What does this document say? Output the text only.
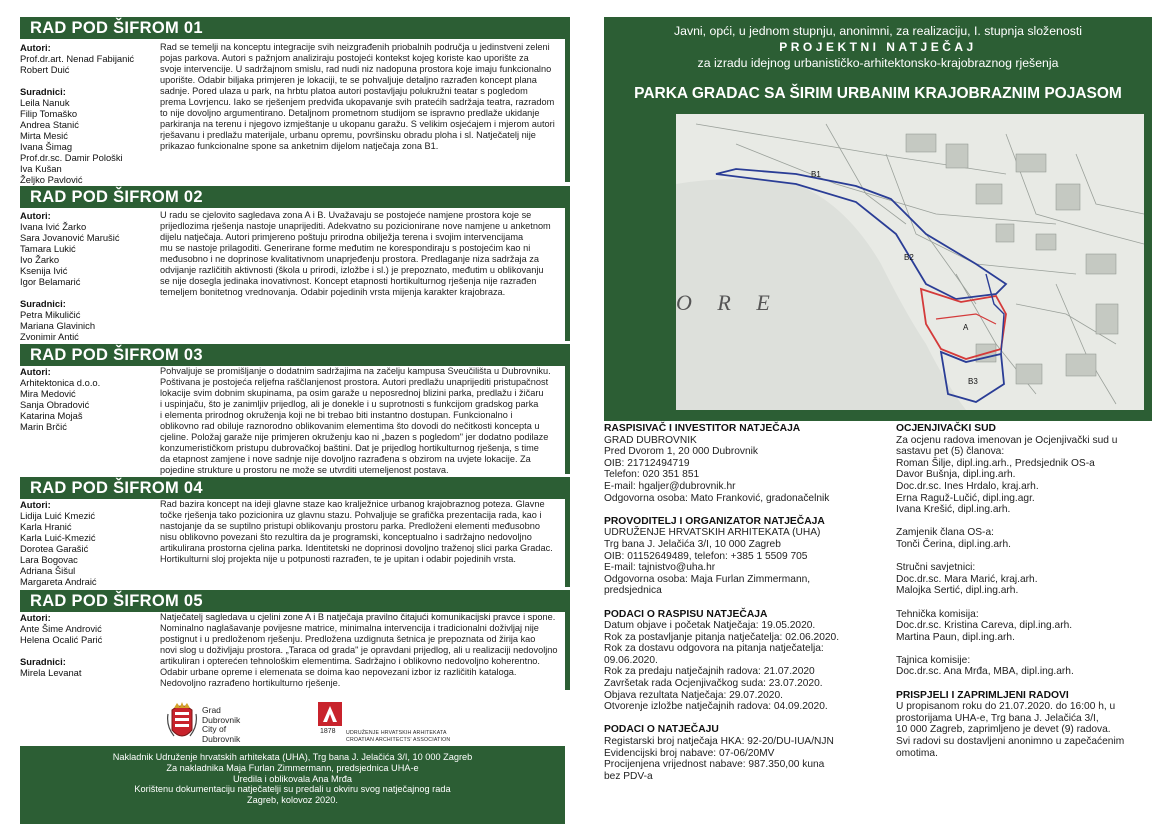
RAD POD ŠIFROM 01
Autori:
Prof.dr.art. Nenad Fabijanić
Robert Duić
Suradnici:
Leila Nanuk
Filip Tomaško
Andrea Stanić
Mirta Mesić
Ivana Šimag
Prof.dr.sc. Damir Pološki
Iva Kušan
Željko Pavlović
Rad se temelji na konceptu integracije svih neizgrađenih priobalnih područja u jedinstveni zeleni
pojas parkova. Autori s pažnjom analiziraju postojeći kontekst kojeg koriste kao uporište za
svoje intervencije. U sadržajnom smislu, rad nudi niz nadopuna prostora koje imaju funkcionalno
uporište. Odabir biljaka primjeren je lokaciji, te se pohvaljuje detaljno razrađen koncept plana
sadnje. Pored ulaza u park, na hrbtu platoa autori postavljaju polukružni teatar s pogledom
prema Lovrjencu. Iako se rješenjem predviđa ukopavanje svih pratećih sadržaja teatra, razradom
to nije dovoljno argumentirano. Detaljnom prometnom studijom se ispravno predlaže ukidanje
parkiranja na terenu i njegovo izmještanje u ukopanu garažu. S velikim osjećajem i mjerom autori
rješavanu i predlažu materijale, urbanu opremu, površinsku obradu ploha i sl. Natječatelj nije
prikazao funkcionalne spone sa anketnim dijelom natječaja zona B1.
RAD POD ŠIFROM 02
Autori:
Ivana Ivić Žarko
Sara Jovanović Marušić
Tamara Lukić
Ivo Žarko
Ksenija Ivić
Igor Belamarić
Suradnici:
Petra Mikuličić
Mariana Glavinich
Zvonimir Antić
U radu se cjelovito sagledava zona A i B. Uvažavaju se postojeće namjene prostora koje se
prijedlozima rješenja nastoje unaprijediti. Adekvatno su pozicionirane nove namjene u anketnom
dijelu natječaja. Autori primjereno poštuju prirodna obilježja terena i svojim intervencijama
mu se nastoje prilagoditi. Generirane forme međutim ne korespondiraju s postojećim kao ni
međusobno i ne doprinose kvalitativnom unaprjeđenju prostora. Predlaganje niza sadržaja za
odvijanje različitih aktivnosti (škola u prirodi, izložbe i sl.) je prepoznato, međutim u oblikovanju
se nije dosegla jedinaka inovativnost. Koncept etapnosti hortikulturnog rješenja nije razrađen
temeljem bonitetnog vrednovanja. Odabir pojedinih vrsta mijenja karakter krajobraza.
RAD POD ŠIFROM 03
Autori:
Arhitektonica d.o.o.
Mira Medović
Sanja Obradović
Katarina Mojaš
Marin Brčić
Pohvaljuje se promišljanje o dodatnim sadržajima na začelju kampusa Sveučilišta u Dubrovniku.
Poštivana je postojeća reljefna raščlanjenost prostora. Autori predlažu unaprijediti pristupačnost
lokacije svim dobnim skupinama, pa osim garaže u neposrednoj blizini parka, predlažu i žičaru
i uspinjaču, što je zanimljiv prijedlog, ali je donekle i u suprotnosti s funkcijom gradskog parka
i elementa prirodnog okruženja koji ne bi trebao biti instantno dostupan. Funkcionalno i
oblikovno rad obiluje raznorodno oblikovanim elementima što dovodi do nečitkosti koncepta u
cjeline. Položaj garaže nije primjeren okruženju kao ni „bazen s pogledom" jer dodatno podilaze
konzumerističkom pristupu dubrovačkoj baštini. Dat je prijedlog hortikulturnog rješenja, s time
da etapnost zamjene i nove sadnje nije dovoljno razrađena s obzirom na uvjete lokacije. Za
pojedine strukture u prostoru ne može se utvrditi utemeljenost postava.
RAD POD ŠIFROM 04
Autori:
Lidija Luić Kmezić
Karla Hranić
Karla Luić-Kmezić
Dorotea Garašić
Lara Bogovac
Adriana Šišul
Margareta Andraić
Rad bazira koncept na ideji glavne staze kao kralježnice urbanog krajobraznog poteza. Glavne
točke rješenja tako pozicionira uz glavnu stazu. Pohvaljuje se grafička prezentacija rada, kao i
nastojanje da se suptilno pristupi oblikovanju prostoru parka. Predloženi elementi međusobno
nisu oblikovno povezani što rezultira da je programski, konceptualno i sadržajno nedovoljno
artikulirana prostorna cjelina parka. Identitetski ne doprinosi dovoljno traženoj slici parka Gradac.
Hortikulturni sloj projekta nije u potpunosti razrađen, te je upitan i odabir pojedinih vrsta.
RAD POD ŠIFROM 05
Autori:
Ante Šime Andrović
Helena Ocalić Parić
Suradnici:
Mirela Levanat
Natječatelj sagledava u cjelini zone A i B natječaja pravilno čitajući komunikacijski pravce i spone.
Nominalno naglašavanje povijesne matrice, minimalna intervencija i tradicionalni doživljaj nije
postignut i u predloženom rješenju. Predložena uzdignuta šetnica je prepoznata od žirija kao
novi slog u doživljaju prostora. „Taraca od grada" je opravdani prijedlog, ali u realizaciji nedovoljno
artikuliran i opterećen tehnološkim elementima. Sadržajno i oblikovno nedovoljno koherentno.
Odabir urbane opreme i elemenata se doima kao nepovezani izbor iz različitih kataloga.
Nedovoljno razrađeno hortikulturno rješenje.
Grad
Dubrovnik
City of
Dubrovnik
1878 UDRUŽENJE HRVATSKIH ARHITEKATA
CROATIAN ARCHITECTS' ASSOCIATION
Nakladnik Udruženje hrvatskih arhitekata (UHA), Trg bana J. Jelačića 3/I, 10 000 Zagreb
Za nakladnika Maja Furlan Zimmermann, predsjednica UHA-e
Uredila i oblikovala Ana Mrđa
Korištenu dokumentaciju natječatelji su predali u okviru svog natječajnog rada
Zagreb, kolovoz 2020.
Javni, opći, u jednom stupnju, anonimni, za realizaciju, I. stupnja složenosti
PROJEKTNI NATJEČAJ
za izradu idejnog urbanističko-arhitektonsko-krajobraznog rješenja
PARKA GRADAC SA ŠIRIM URBANIM KRAJOBRAZNIM POJASOM
B1
B2
A
B3
O R E
RASPISIVAČ I INVESTITOR NATJEČAJA
GRAD DUBROVNIK
Pred Dvorom 1, 20 000 Dubrovnik
OIB: 21712494719
Telefon: 020 351 851
E-mail: hgaljer@dubrovnik.hr
Odgovorna osoba: Mato Franković, gradonačelnik
PROVODITELJ I ORGANIZATOR NATJEČAJA
UDRUŽENJE HRVATSKIH ARHITEKATA (UHA)
Trg bana J. Jelačića 3/I, 10 000 Zagreb
OIB: 01152649489, telefon: +385 1 5509 705
E-mail: tajnistvo@uha.hr
Odgovorna osoba: Maja Furlan Zimmermann,
predsjednica
PODACI O RASPISU NATJEČAJA
Datum objave i početak Natječaja: 19.05.2020.
Rok za postavljanje pitanja natječatelja: 02.06.2020.
Rok za dostavu odgovora na pitanja natječatelja:
09.06.2020.
Rok za predaju natječajnih radova: 21.07.2020
Završetak rada Ocjenjivačkog suda: 23.07.2020.
Objava rezultata Natječaja: 29.07.2020.
Otvorenje izložbe natječajnih radova: 04.09.2020.
PODACI O NATJEČAJU
Registarski broj natječaja HKA: 92-20/DU-IUA/NJN
Evidencijski broj nabave: 07-06/20MV
Procijenjena vrijednost nabave: 987.350,00 kuna
bez PDV-a
OCJENJIVAČKI SUD
Za ocjenu radova imenovan je Ocjenjivački sud u
sastavu pet (5) članova:
Roman Šilje, dipl.ing.arh., Predsjednik OS-a
Davor Bušnja, dipl.ing.arh.
Doc.dr.sc. Ines Hrdalo, kraj.arh.
Erna Raguž-Lučić, dipl.ing.agr.
Ivana Krešić, dipl.ing.arh.
Zamjenik člana OS-a:
Tonči Čerina, dipl.ing.arh.
Stručni savjetnici:
Doc.dr.sc. Mara Marić, kraj.arh.
Malojka Sertić, dipl.ing.arh.
Tehnička komisija:
Doc.dr.sc. Kristina Careva, dipl.ing.arh.
Martina Paun, dipl.ing.arh.
Tajnica komisije:
Doc.dr.sc. Ana Mrđa, MBA, dipl.ing.arh.
PRISPJELI I ZAPRIMLJENI RADOVI
U propisanom roku do 21.07.2020. do 16:00 h, u
prostorijama UHA-e, Trg bana J. Jelačića 3/I,
10 000 Zagreb, zaprimljeno je devet (9) radova.
Svi radovi su dostavljeni anonimno u zapečaćenim
omotima.
